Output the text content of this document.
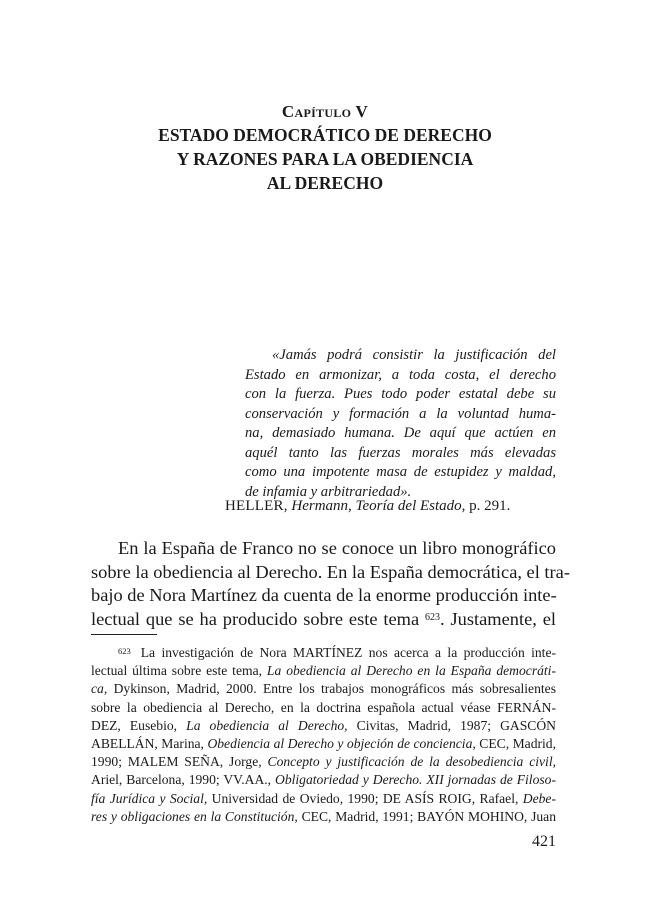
Capítulo V
ESTADO DEMOCRÁTICO DE DERECHO
Y RAZONES PARA LA OBEDIENCIA
AL DERECHO
«Jamás podrá consistir la justificación del
Estado en armonizar, a toda costa, el derecho
con la fuerza. Pues todo poder estatal debe su
conservación y formación a la voluntad huma-
na, demasiado humana. De aquí que actúen en
aquél tanto las fuerzas morales más elevadas
como una impotente masa de estupidez y maldad,
de infamia y arbitrariedad».
HELLER, Hermann, Teoría del Estado, p. 291.
En la España de Franco no se conoce un libro monográfico
sobre la obediencia al Derecho. En la España democrática, el tra-
bajo de Nora Martínez da cuenta de la enorme producción inte-
lectual que se ha producido sobre este tema $^{623}$. Justamente, el
$^{623}$ La investigación de Nora MARTÍNEZ nos acerca a la producción inte-
lectual última sobre este tema, La obediencia al Derecho en la España democráti-
ca, Dykinson, Madrid, 2000. Entre los trabajos monográficos más sobresalientes
sobre la obediencia al Derecho, en la doctrina española actual véase FERNÁN-
DEZ, Eusebio, La obediencia al Derecho, Civitas, Madrid, 1987; GASCÓN
ABELLÁN, Marina, Obediencia al Derecho y objeción de conciencia, CEC, Madrid,
1990; MALEM SEÑA, Jorge, Concepto y justificación de la desobediencia civil,
Ariel, Barcelona, 1990; VV.AA., Obligatoriedad y Derecho. XII jornadas de Filoso-
fía Jurídica y Social, Universidad de Oviedo, 1990; DE ASÍS ROIG, Rafael, Debe-
res y obligaciones en la Constitución, CEC, Madrid, 1991; BAYÓN MOHINO, Juan
421
